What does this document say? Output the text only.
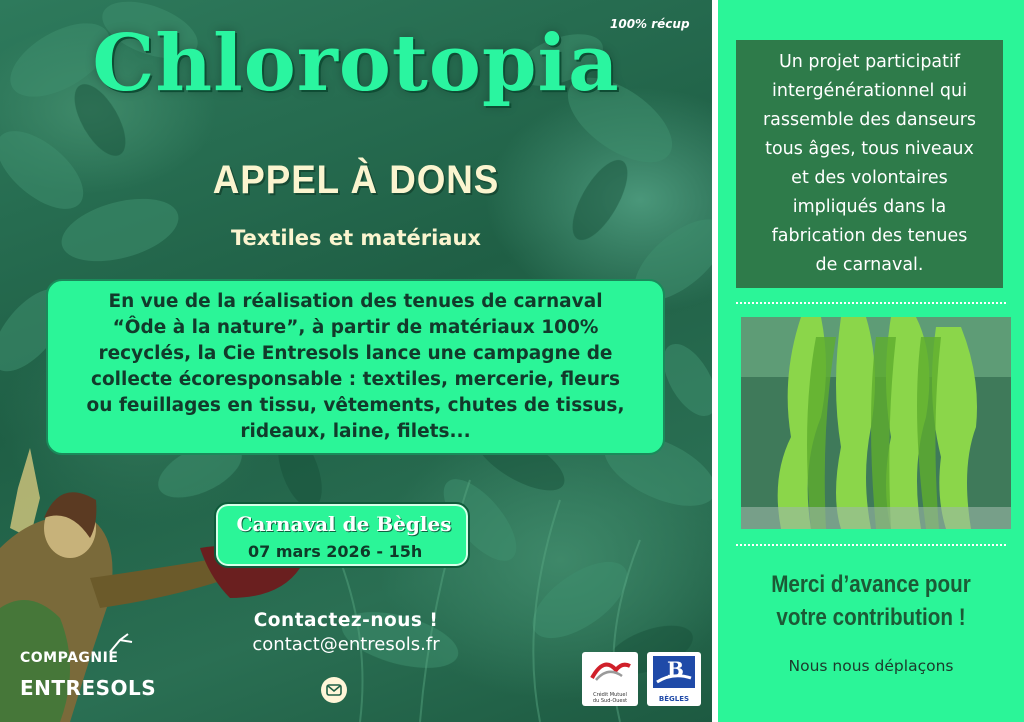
100% récup
Chlorotopia
APPEL À DONS
Textiles et matériaux
En vue de la réalisation des tenues de carnaval
“Ôde à la nature”, à partir de matériaux 100%
recyclés, la Cie Entresols lance une campagne de
collecte écoresponsable : textiles, mercerie, fleurs
ou feuillages en tissu, vêtements, chutes de tissus,
rideaux, laine, filets...
Carnaval de Bègles
07 mars 2026 - 15h
Contactez-nous !
contact@entresols.fr
COMPAGNIE
ENTRESOLS	Crédit Mutuel
du Sud-Ouest
B
BÈGLES
Un projet participatif
intergénérationnel qui
rassemble des danseurs
tous âges, tous niveaux
et des volontaires
impliqués dans la
fabrication des tenues
de carnaval.
Merci d’avance pour
votre contribution !
Nous nous déplaçons
